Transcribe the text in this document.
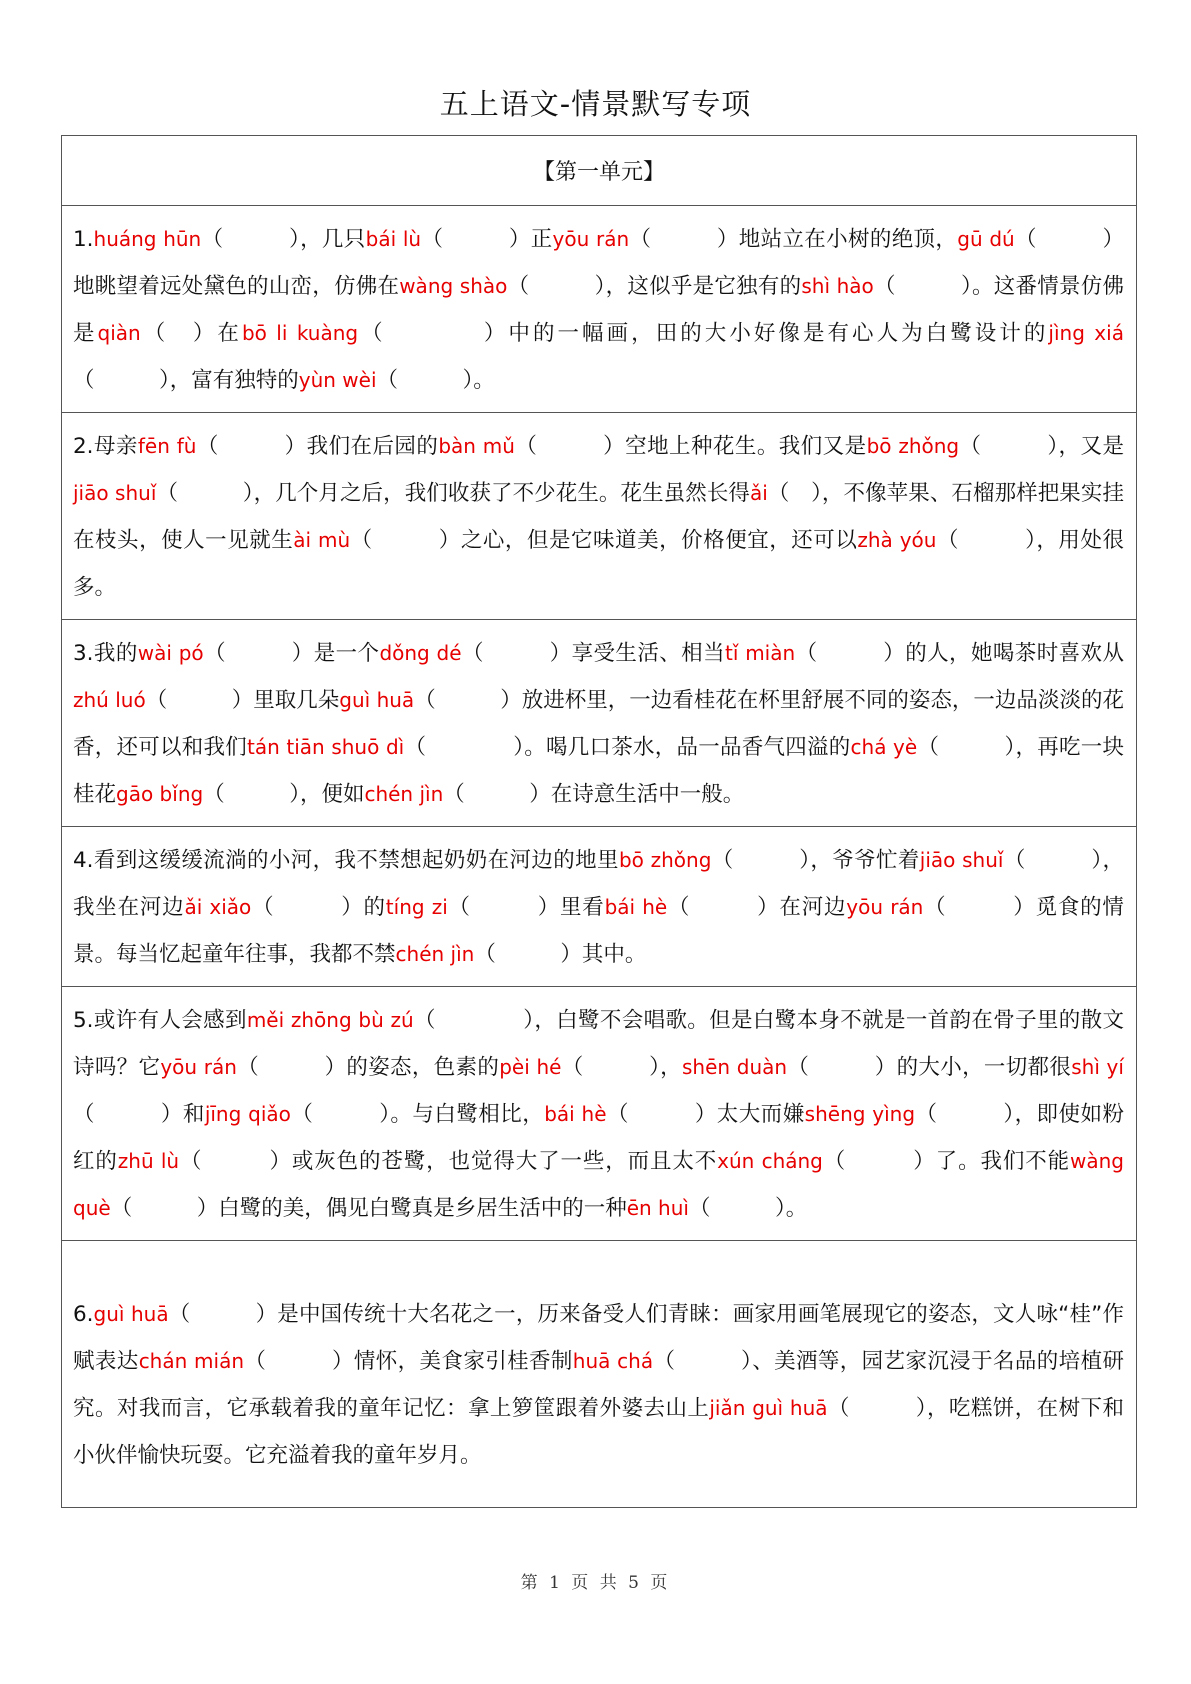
五上语文-情景默写专项
【第一单元】
1.huáng hūn（　　　），几只bái lù（　　　）正yōu rán（　　　）地站立在小树的绝顶，gū dú（　　　）地眺望着远处黛色的山峦，仿佛在wàng shào（　　　），这似乎是它独有的shì hào（　　　）。这番情景仿佛是qiàn（　）在bō li kuàng（　　　　）中的一幅画，田的大小好像是有心人为白鹭设计的jìng xiá（　　　），富有独特的yùn wèi（　　　）。
2.母亲fēn fù（　　　）我们在后园的bàn mǔ（　　　）空地上种花生。我们又是bō zhǒng（　　　），又是jiāo shuǐ（　　　），几个月之后，我们收获了不少花生。花生虽然长得ǎi（　），不像苹果、石榴那样把果实挂在枝头，使人一见就生ài mù（　　　）之心，但是它味道美，价格便宜，还可以zhà yóu（　　　），用处很多。
3.我的wài pó（　　　）是一个dǒng dé（　　　）享受生活、相当tǐ miàn（　　　）的人，她喝茶时喜欢从zhú luó（　　　）里取几朵guì huā（　　　）放进杯里，一边看桂花在杯里舒展不同的姿态，一边品淡淡的花香，还可以和我们tán tiān shuō dì（　　　　）。喝几口茶水，品一品香气四溢的chá yè（　　　），再吃一块桂花gāo bǐng（　　　），便如chén jìn（　　　）在诗意生活中一般。
4.看到这缓缓流淌的小河，我不禁想起奶奶在河边的地里bō zhǒng（　　　），爷爷忙着jiāo shuǐ（　　　），我坐在河边ǎi xiǎo（　　　）的tíng zi（　　　）里看bái hè（　　　）在河边yōu rán（　　　）觅食的情景。每当忆起童年往事，我都不禁chén jìn（　　　）其中。
5.或许有人会感到měi zhōng bù zú（　　　　），白鹭不会唱歌。但是白鹭本身不就是一首韵在骨子里的散文诗吗？它yōu rán（　　　）的姿态，色素的pèi hé（　　　），shēn duàn（　　　）的大小，一切都很shì yí（　　　）和jīng qiǎo（　　　）。与白鹭相比，bái hè（　　　）太大而嫌shēng yìng（　　　），即使如粉红的zhū lù（　　　）或灰色的苍鹭，也觉得大了一些，而且太不xún cháng（　　　）了。我们不能wàng què（　　　）白鹭的美，偶见白鹭真是乡居生活中的一种ēn huì（　　　）。
6.guì huā（　　　）是中国传统十大名花之一，历来备受人们青睐：画家用画笔展现它的姿态，文人咏“桂”作赋表达chán mián（　　　）情怀，美食家引桂香制huā chá（　　　）、美酒等，园艺家沉浸于名品的培植研究。对我而言，它承载着我的童年记忆：拿上箩筐跟着外婆去山上jiǎn guì huā（　　　），吃糕饼，在树下和小伙伴愉快玩耍。它充溢着我的童年岁月。
第 1 页 共 5 页
